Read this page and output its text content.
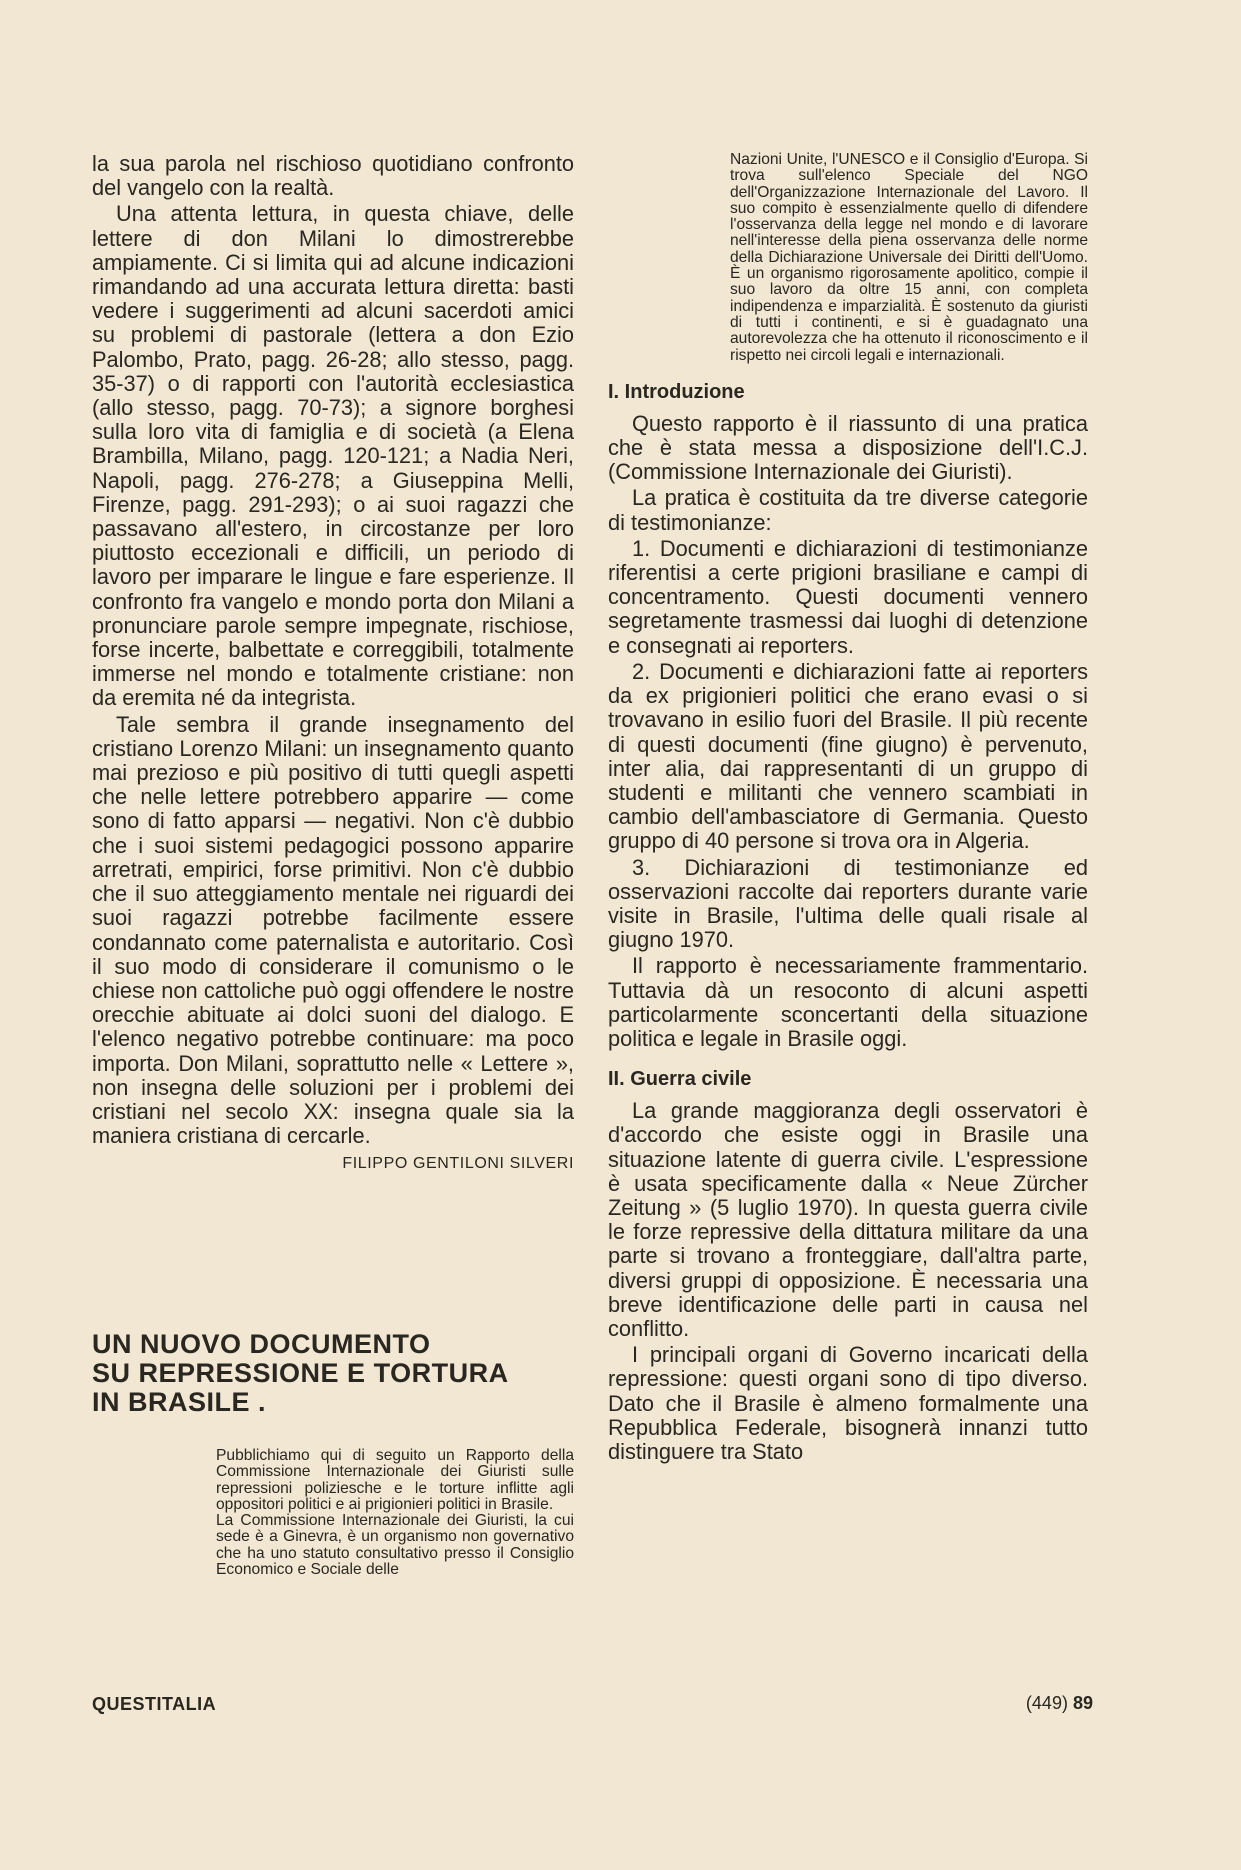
la sua parola nel rischioso quotidiano confronto del vangelo con la realtà.

Una attenta lettura, in questa chiave, delle lettere di don Milani lo dimostrerebbe ampiamente. Ci si limita qui ad alcune indicazioni rimandando ad una accurata lettura diretta: basti vedere i suggerimenti ad alcuni sacerdoti amici su problemi di pastorale (lettera a don Ezio Palombo, Prato, pagg. 26-28; allo stesso, pagg. 35-37) o di rapporti con l'autorità ecclesiastica (allo stesso, pagg. 70-73); a signore borghesi sulla loro vita di famiglia e di società (a Elena Brambilla, Milano, pagg. 120-121; a Nadia Neri, Napoli, pagg. 276-278; a Giuseppina Melli, Firenze, pagg. 291-293); o ai suoi ragazzi che passavano all'estero, in circostanze per loro piuttosto eccezionali e difficili, un periodo di lavoro per imparare le lingue e fare esperienze. Il confronto fra vangelo e mondo porta don Milani a pronunciare parole sempre impegnate, rischiose, forse incerte, balbettate e correggibili, totalmente immerse nel mondo e totalmente cristiane: non da eremita né da integrista.

Tale sembra il grande insegnamento del cristiano Lorenzo Milani: un insegnamento quanto mai prezioso e più positivo di tutti quegli aspetti che nelle lettere potrebbero apparire — come sono di fatto apparsi — negativi. Non c'è dubbio che i suoi sistemi pedagogici possono apparire arretrati, empirici, forse primitivi. Non c'è dubbio che il suo atteggiamento mentale nei riguardi dei suoi ragazzi potrebbe facilmente essere condannato come paternalista e autoritario. Così il suo modo di considerare il comunismo o le chiese non cattoliche può oggi offendere le nostre orecchie abituate ai dolci suoni del dialogo. E l'elenco negativo potrebbe continuare: ma poco importa. Don Milani, soprattutto nelle « Lettere », non insegna delle soluzioni per i problemi dei cristiani nel secolo XX: insegna quale sia la maniera cristiana di cercarle.

FILIPPO GENTILONI SILVERI
UN NUOVO DOCUMENTO
SU REPRESSIONE E TORTURA
IN BRASILE .

Pubblichiamo qui di seguito un Rapporto della Commissione Internazionale dei Giuristi sulle repressioni poliziesche e le torture inflitte agli oppositori politici e ai prigionieri politici in Brasile.

La Commissione Internazionale dei Giuristi, la cui sede è a Ginevra, è un organismo non governativo che ha uno statuto consultativo presso il Consiglio Economico e Sociale delle

Nazioni Unite, l'UNESCO e il Consiglio d'Europa. Si trova sull'elenco Speciale del NGO dell'Organizzazione Internazionale del Lavoro. Il suo compito è essenzialmente quello di difendere l'osservanza della legge nel mondo e di lavorare nell'interesse della piena osservanza delle norme della Dichiarazione Universale dei Diritti dell'Uomo. È un organismo rigorosamente apolitico, compie il suo lavoro da oltre 15 anni, con completa indipendenza e imparzialità. È sostenuto da giuristi di tutti i continenti, e si è guadagnato una autorevolezza che ha ottenuto il riconoscimento e il rispetto nei circoli legali e internazionali.

I. Introduzione

Questo rapporto è il riassunto di una pratica che è stata messa a disposizione dell'I.C.J. (Commissione Internazionale dei Giuristi).

La pratica è costituita da tre diverse categorie di testimonianze:

1. Documenti e dichiarazioni di testimonianze riferentisi a certe prigioni brasiliane e campi di concentramento. Questi documenti vennero segretamente trasmessi dai luoghi di detenzione e consegnati ai reporters.

2. Documenti e dichiarazioni fatte ai reporters da ex prigionieri politici che erano evasi o si trovavano in esilio fuori del Brasile. Il più recente di questi documenti (fine giugno) è pervenuto, inter alia, dai rappresentanti di un gruppo di studenti e militanti che vennero scambiati in cambio dell'ambasciatore di Germania. Questo gruppo di 40 persone si trova ora in Algeria.

3. Dichiarazioni di testimonianze ed osservazioni raccolte dai reporters durante varie visite in Brasile, l'ultima delle quali risale al giugno 1970.

Il rapporto è necessariamente frammentario. Tuttavia dà un resoconto di alcuni aspetti particolarmente sconcertanti della situazione politica e legale in Brasile oggi.

II. Guerra civile

La grande maggioranza degli osservatori è d'accordo che esiste oggi in Brasile una situazione latente di guerra civile. L'espressione è usata specificamente dalla « Neue Zürcher Zeitung » (5 luglio 1970). In questa guerra civile le forze repressive della dittatura militare da una parte si trovano a fronteggiare, dall'altra parte, diversi gruppi di opposizione. È necessaria una breve identificazione delle parti in causa nel conflitto.

I principali organi di Governo incaricati della repressione: questi organi sono di tipo diverso. Dato che il Brasile è almeno formalmente una Repubblica Federale, bisognerà innanzi tutto distinguere tra Stato

QUESTITALIA	(449) 89
